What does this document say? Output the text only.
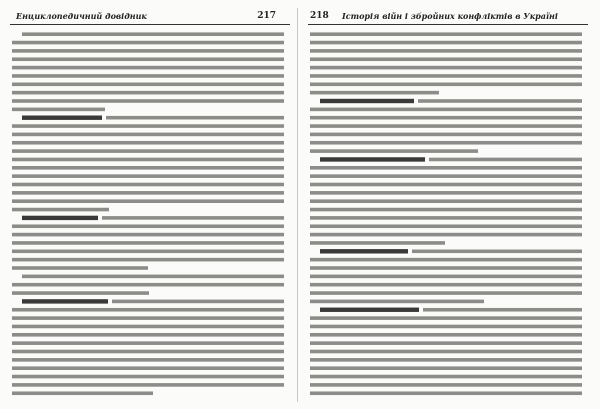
Енциклопедичний довідник	217	218 Історія війн і збройних конфліктів в Україні
